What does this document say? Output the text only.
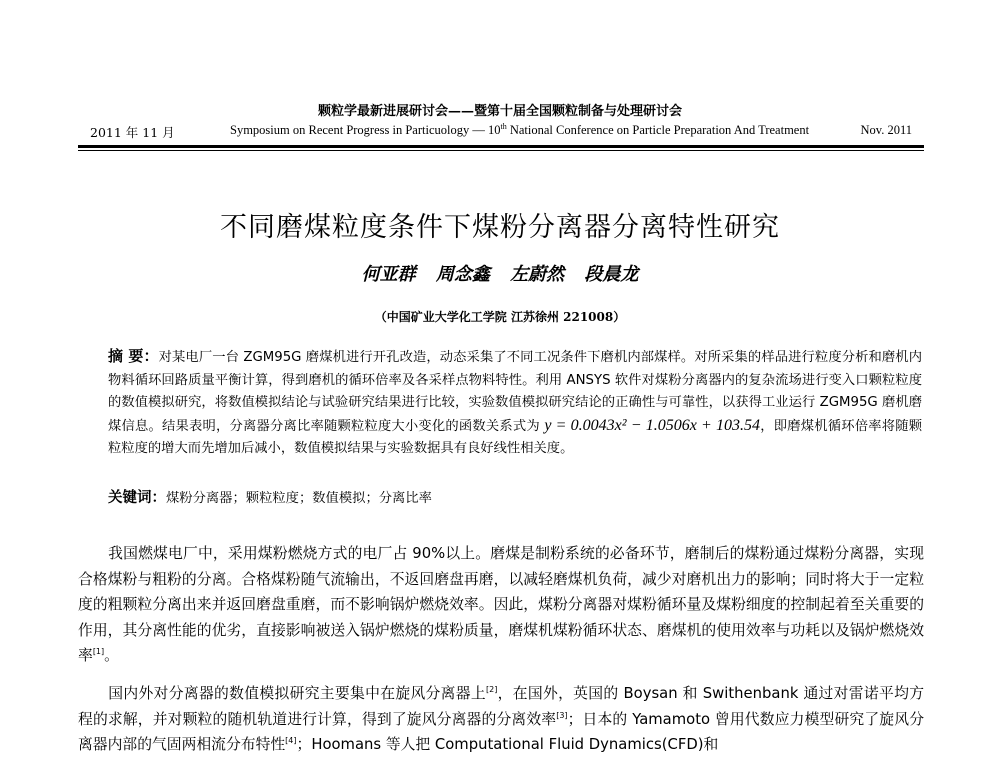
颗粒学最新进展研讨会——暨第十届全国颗粒制备与处理研讨会
2011 年 11 月	Symposium on Recent Progress in Particuology — 10th National Conference on Particle Preparation And Treatment	Nov. 2011
不同磨煤粒度条件下煤粉分离器分离特性研究
何亚群 周念鑫 左蔚然 段晨龙
（中国矿业大学化工学院 江苏徐州 221008）
摘 要：对某电厂一台 ZGM95G 磨煤机进行开孔改造，动态采集了不同工况条件下磨机内部煤样。对所采集的样品进行粒度分析和磨机内物料循环回路质量平衡计算，得到磨机的循环倍率及各采样点物料特性。利用 ANSYS 软件对煤粉分离器内的复杂流场进行变入口颗粒粒度的数值模拟研究，将数值模拟结论与试验研究结果进行比较，实验数值模拟研究结论的正确性与可靠性，以获得工业运行 ZGM95G 磨机磨煤信息。结果表明，分离器分离比率随颗粒粒度大小变化的函数关系式为 y = 0.0043x² − 1.0506x + 103.54，即磨煤机循环倍率将随颗粒粒度的增大而先增加后减小，数值模拟结果与实验数据具有良好线性相关度。
关键词：煤粉分离器；颗粒粒度；数值模拟；分离比率
我国燃煤电厂中，采用煤粉燃烧方式的电厂占 90%以上。磨煤是制粉系统的必备环节，磨制后的煤粉通过煤粉分离器，实现合格煤粉与粗粉的分离。合格煤粉随气流输出，不返回磨盘再磨，以减轻磨煤机负荷，减少对磨机出力的影响；同时将大于一定粒度的粗颗粒分离出来并返回磨盘重磨，而不影响锅炉燃烧效率。因此，煤粉分离器对煤粉循环量及煤粉细度的控制起着至关重要的作用，其分离性能的优劣，直接影响被送入锅炉燃烧的煤粉质量，磨煤机煤粉循环状态、磨煤机的使用效率与功耗以及锅炉燃烧效率[1]。
国内外对分离器的数值模拟研究主要集中在旋风分离器上[2]，在国外，英国的 Boysan 和 Swithenbank 通过对雷诺平均方程的求解，并对颗粒的随机轨道进行计算，得到了旋风分离器的分离效率[3]；日本的 Yamamoto 曾用代数应力模型研究了旋风分离器内部的气固两相流分布特性[4]；Hoomans 等人把 Computational Fluid Dynamics(CFD)和
